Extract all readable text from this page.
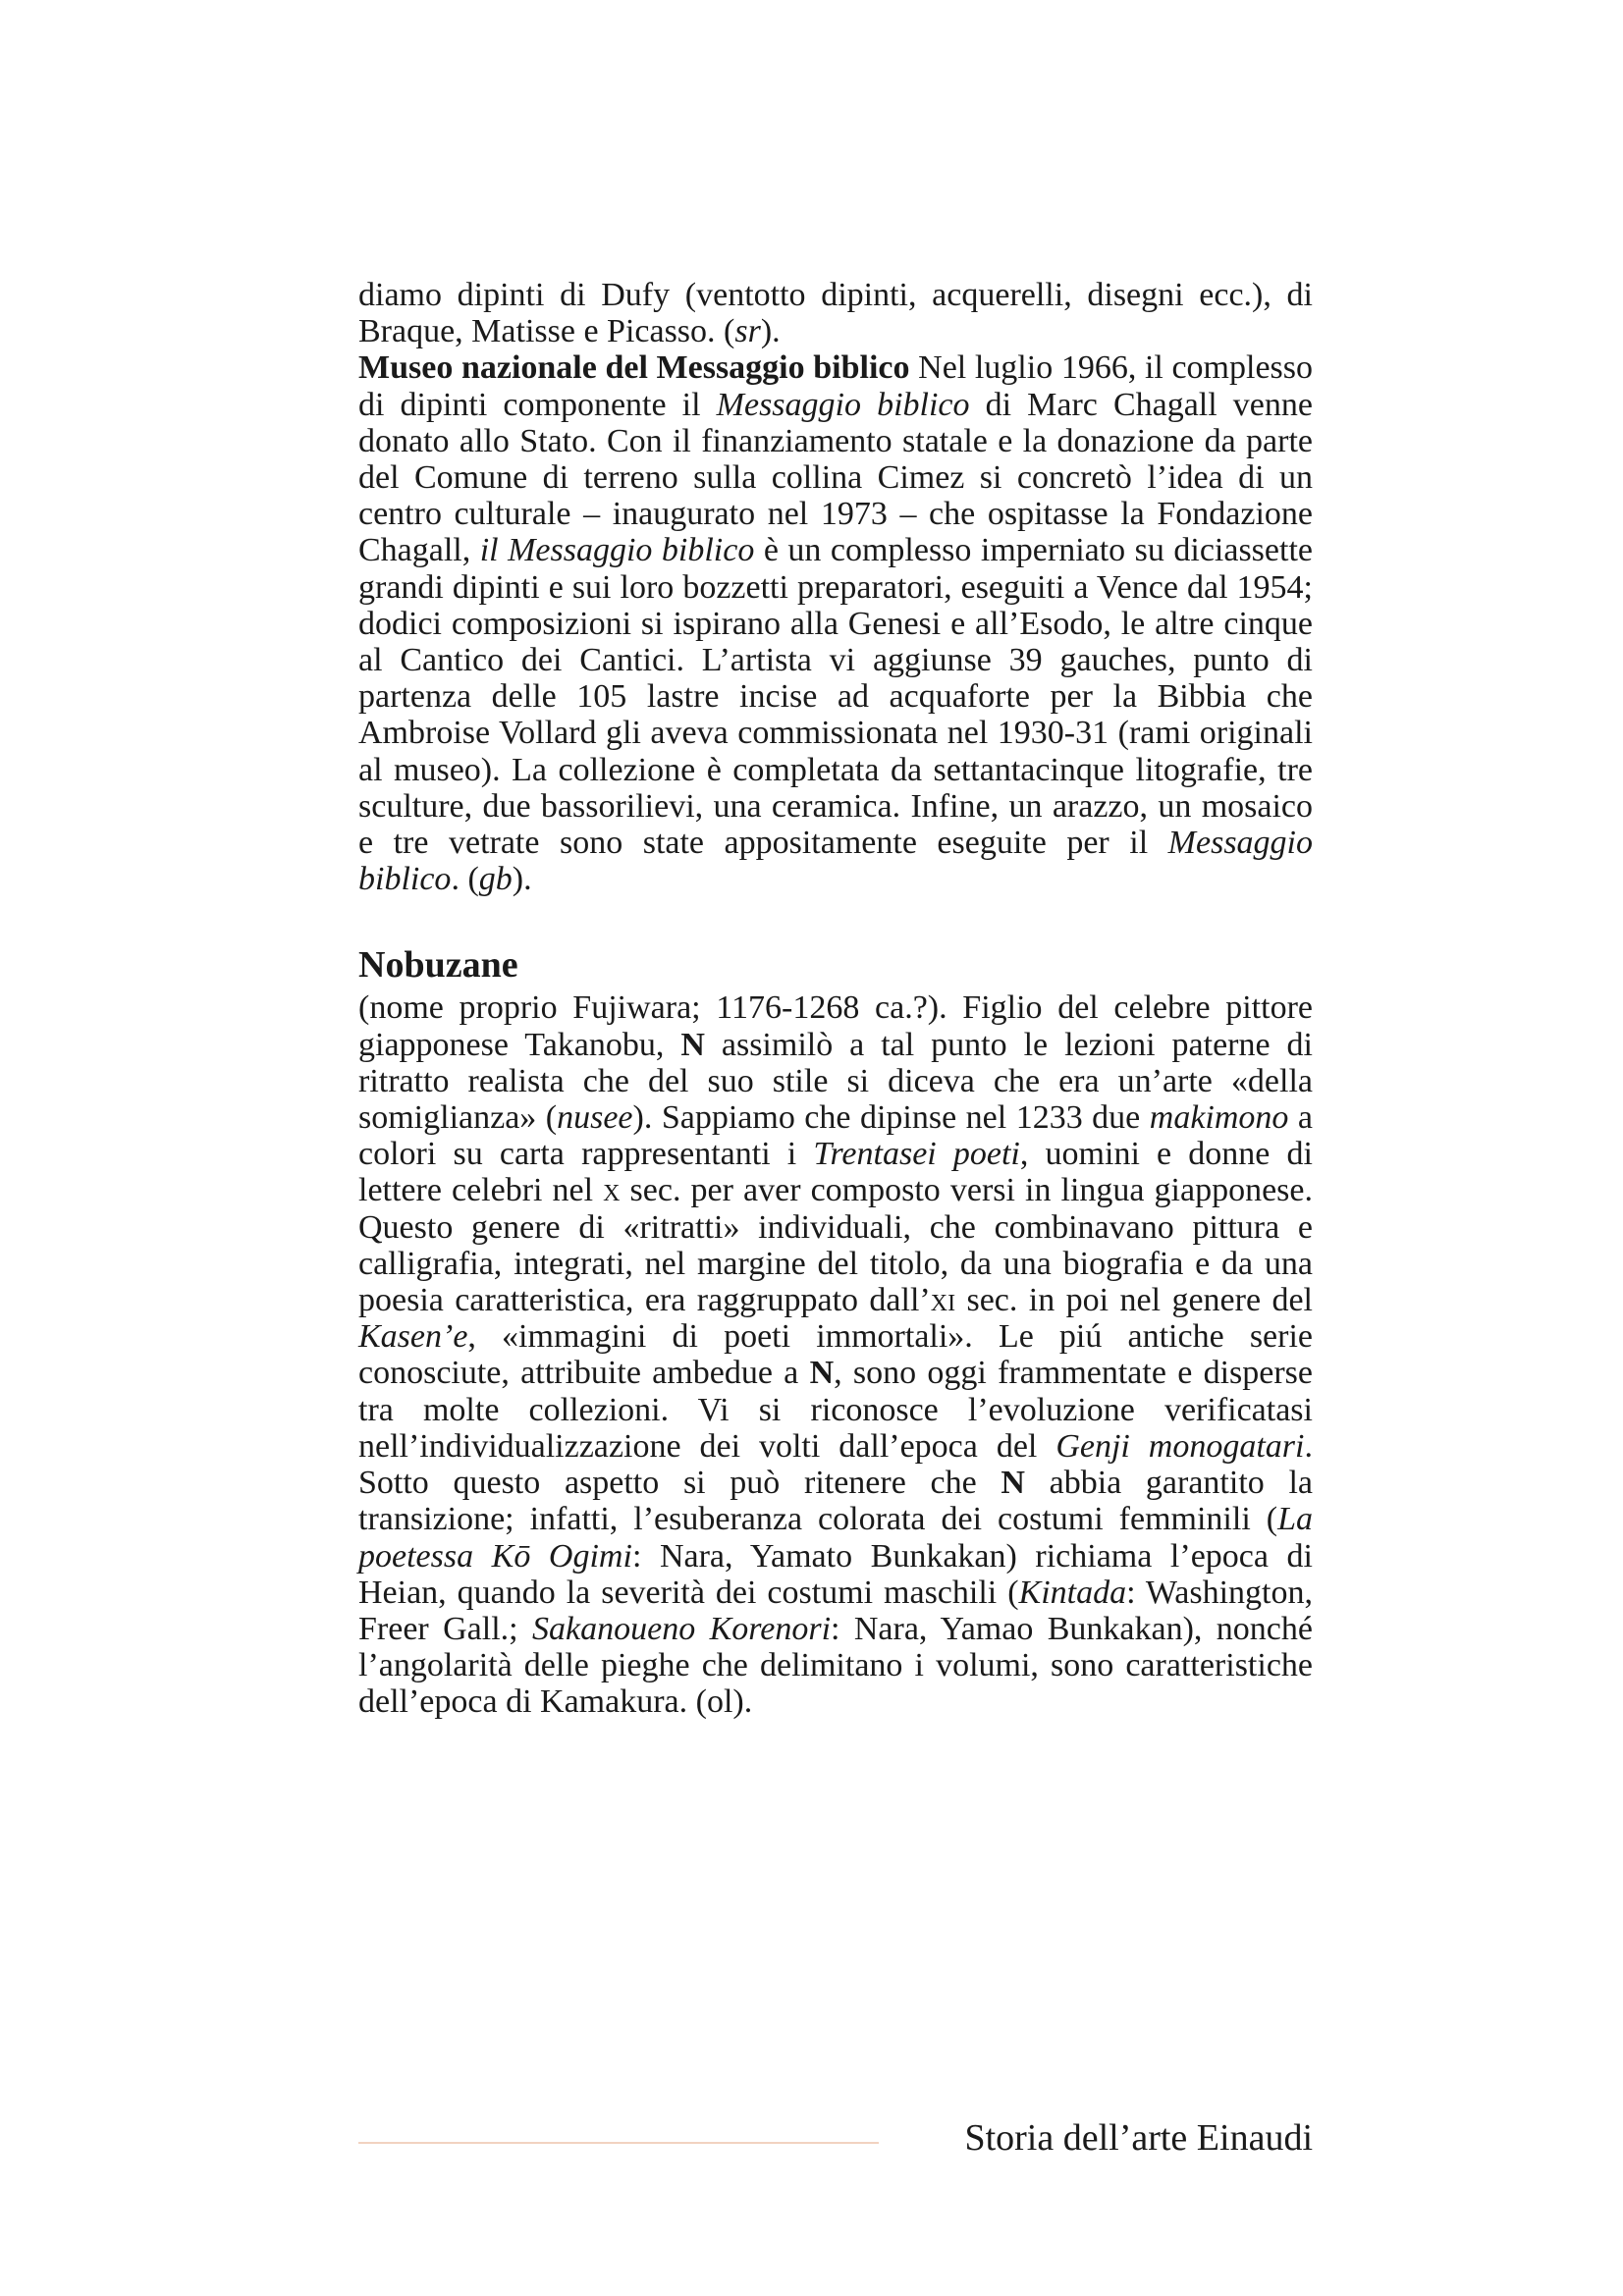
diamo dipinti di Dufy (ventotto dipinti, acquerelli, disegni ecc.), di Braque, Matisse e Picasso. (sr).

Museo nazionale del Messaggio biblico Nel luglio 1966, il complesso di dipinti componente il Messaggio biblico di Marc Chagall venne donato allo Stato. Con il finanziamento statale e la donazione da parte del Comune di terreno sulla collina Cimez si concretò l’idea di un centro culturale – inaugurato nel 1973 – che ospitasse la Fondazione Chagall, il Messaggio biblico è un complesso imperniato su diciassette grandi dipinti e sui loro bozzetti preparatori, eseguiti a Vence dal 1954; dodici composizioni si ispirano alla Genesi e all’Esodo, le altre cinque al Cantico dei Cantici. L’artista vi aggiunse 39 gauches, punto di partenza delle 105 lastre incise ad acquaforte per la Bibbia che Ambroise Vollard gli aveva commissionata nel 1930-31 (rami originali al museo). La collezione è completata da settantacinque litografie, tre sculture, due bassorilievi, una ceramica. Infine, un arazzo, un mosaico e tre vetrate sono state appositamente eseguite per il Messaggio biblico. (gb).

Nobuzane

(nome proprio Fujiwara; 1176-1268 ca.?). Figlio del celebre pittore giapponese Takanobu, N assimilò a tal punto le lezioni paterne di ritratto realista che del suo stile si diceva che era un’arte «della somiglianza» (nusee). Sappiamo che dipinse nel 1233 due makimono a colori su carta rappresentanti i Trentasei poeti, uomini e donne di lettere celebri nel x sec. per aver composto versi in lingua giapponese. Questo genere di «ritratti» individuali, che combinavano pittura e calligrafia, integrati, nel margine del titolo, da una biografia e da una poesia caratteristica, era raggruppato dall’xi sec. in poi nel genere del Kasen’e, «immagini di poeti immortali». Le piú antiche serie conosciute, attribuite ambedue a N, sono oggi frammentate e disperse tra molte collezioni. Vi si riconosce l’evoluzione verificatasi nell’individualizzazione dei volti dall’epoca del Genji monogatari. Sotto questo aspetto si può ritenere che N abbia garantito la transizione; infatti, l’esuberanza colorata dei costumi femminili (La poetessa Kō Ogimi: Nara, Yamato Bunkakan) richiama l’epoca di Heian, quando la severità dei costumi maschili (Kintada: Washington, Freer Gall.; Sakanoueno Korenori: Nara, Yamao Bunkakan), nonché l’angolarità delle pieghe che delimitano i volumi, sono caratteristiche dell’epoca di Kamakura. (ol).

Storia dell’arte Einaudi
